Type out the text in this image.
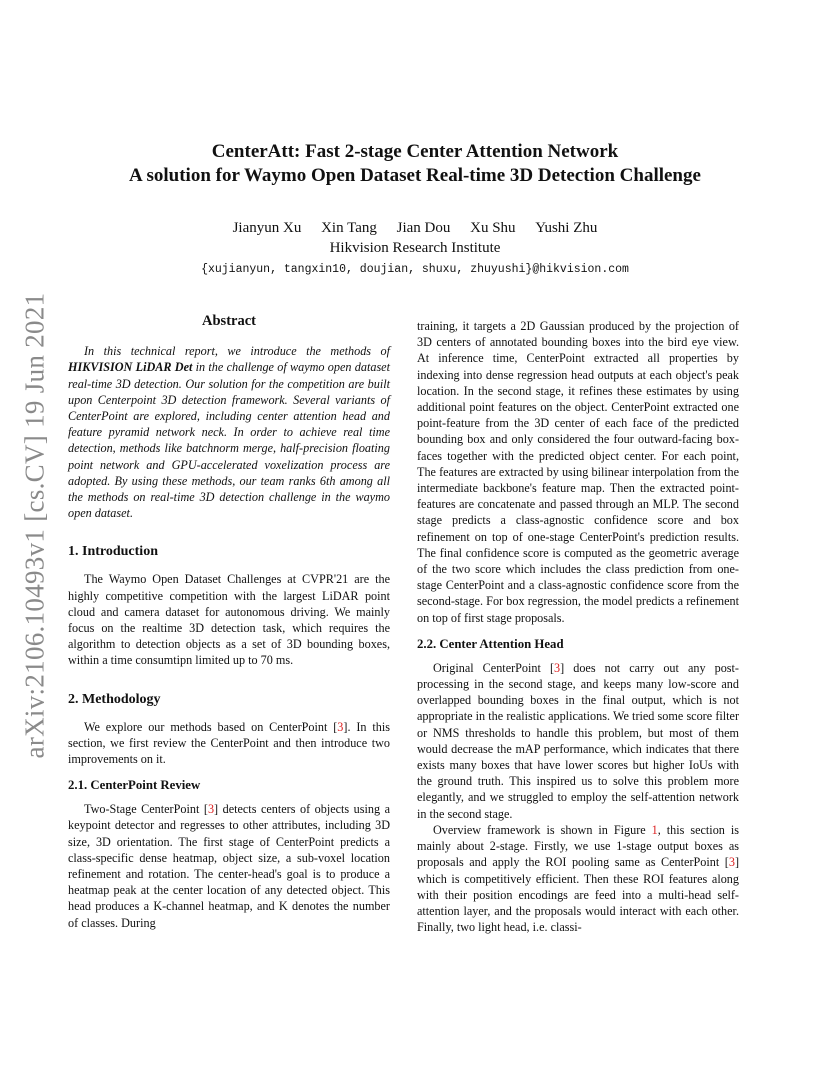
arXiv:2106.10493v1 [cs.CV] 19 Jun 2021

CenterAtt: Fast 2-stage Center Attention Network
A solution for Waymo Open Dataset Real-time 3D Detection Challenge

Jianyun Xu Xin Tang Jian Dou Xu Shu Yushi Zhu
Hikvision Research Institute
{xujianyun, tangxin10, doujian, shuxu, zhuyushi}@hikvision.com
Abstract

In this technical report, we introduce the methods of HIKVISION LiDAR Det in the challenge of waymo open dataset real-time 3D detection. Our solution for the competition are built upon Centerpoint 3D detection framework. Several variants of CenterPoint are explored, including center attention head and feature pyramid network neck. In order to achieve real time detection, methods like batchnorm merge, half-precision floating point network and GPU-accelerated voxelization process are adopted. By using these methods, our team ranks 6th among all the methods on real-time 3D detection challenge in the waymo open dataset.

1. Introduction

The Waymo Open Dataset Challenges at CVPR'21 are the highly competitive competition with the largest LiDAR point cloud and camera dataset for autonomous driving. We mainly focus on the realtime 3D detection task, which requires the algorithm to detection objects as a set of 3D bounding boxes, within a time consumtipn limited up to 70 ms.

2. Methodology

We explore our methods based on CenterPoint [3]. In this section, we first review the CenterPoint and then introduce two improvements on it.

2.1. CenterPoint Review

Two-Stage CenterPoint [3] detects centers of objects using a keypoint detector and regresses to other attributes, including 3D size, 3D orientation. The first stage of CenterPoint predicts a class-specific dense heatmap, object size, a sub-voxel location refinement and rotation. The center-head's goal is to produce a heatmap peak at the center location of any detected object. This head produces a K-channel heatmap, and K denotes the number of classes. During

training, it targets a 2D Gaussian produced by the projection of 3D centers of annotated bounding boxes into the bird eye view. At inference time, CenterPoint extracted all properties by indexing into dense regression head outputs at each object's peak location. In the second stage, it refines these estimates by using additional point features on the object. CenterPoint extracted one point-feature from the 3D center of each face of the predicted bounding box and only considered the four outward-facing box-faces together with the predicted object center. For each point, The features are extracted by using bilinear interpolation from the intermediate backbone's feature map. Then the extracted point-features are concatenate and passed through an MLP. The second stage predicts a class-agnostic confidence score and box refinement on top of one-stage CenterPoint's prediction results. The final confidence score is computed as the geometric average of the two score which includes the class prediction from one-stage CenterPoint and a class-agnostic confidence score from the second-stage. For box regression, the model predicts a refinement on top of first stage proposals.

2.2. Center Attention Head

Original CenterPoint [3] does not carry out any post-processing in the second stage, and keeps many low-score and overlapped bounding boxes in the final output, which is not appropriate in the realistic applications. We tried some score filter or NMS thresholds to handle this problem, but most of them would decrease the mAP performance, which indicates that there exists many boxes that have lower scores but higher IoUs with the ground truth. This inspired us to solve this problem more elegantly, and we struggled to employ the self-attention network in the second stage.

Overview framework is shown in Figure 1, this section is mainly about 2-stage. Firstly, we use 1-stage output boxes as proposals and apply the ROI pooling same as CenterPoint [3] which is competitively efficient. Then these ROI features along with their position encodings are feed into a multi-head self-attention layer, and the proposals would interact with each other. Finally, two light head, i.e. classi-
